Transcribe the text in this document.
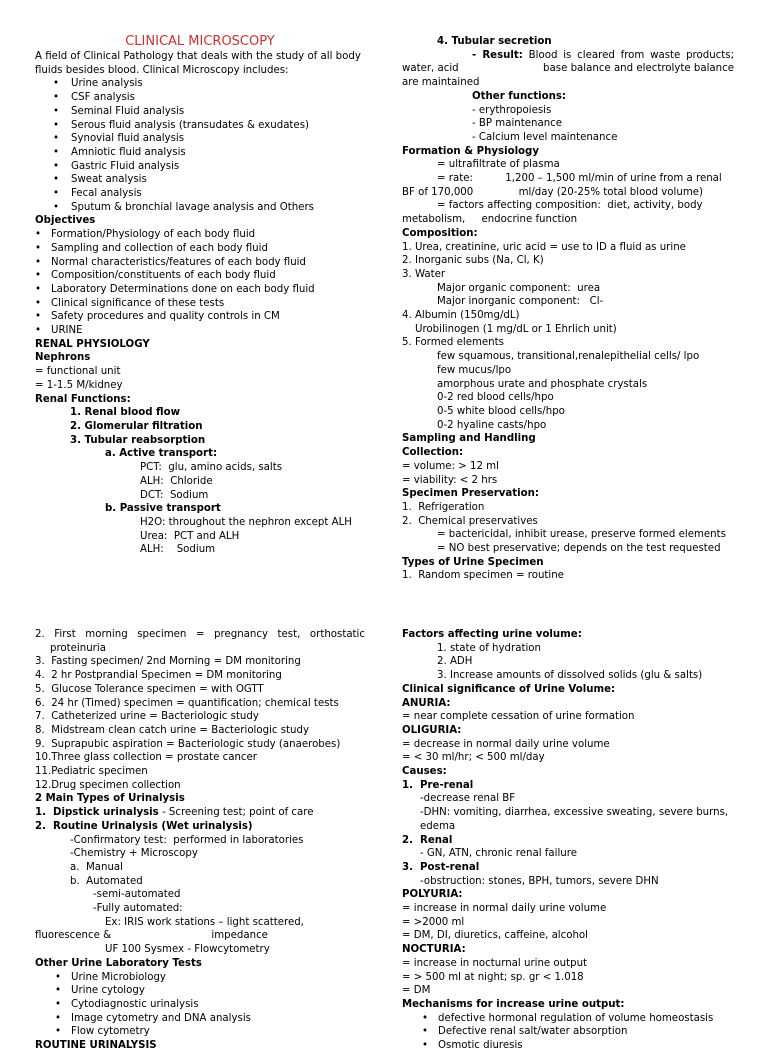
CLINICAL MICROSCOPY
A field of Clinical Pathology that deals with the study of all body fluids besides blood. Clinical Microscopy includes:
• Urine analysis
• CSF analysis
• Seminal Fluid analysis
• Serous fluid analysis (transudates & exudates)
• Synovial fluid analysis
• Amniotic fluid analysis
• Gastric Fluid analysis
• Sweat analysis
• Fecal analysis
• Sputum & bronchial lavage analysis and Others
Objectives
• Formation/Physiology of each body fluid
• Sampling and collection of each body fluid
• Normal characteristics/features of each body fluid
• Composition/constituents of each body fluid
• Laboratory Determinations done on each body fluid
• Clinical significance of these tests
• Safety procedures and quality controls in CM
• URINE
RENAL PHYSIOLOGY
Nephrons
= functional unit
= 1-1.5 M/kidney
Renal Functions:
1. Renal blood flow
2. Glomerular filtration
3. Tubular reabsorption
a. Active transport:
PCT:  glu, amino acids, salts
ALH:  Chloride
DCT:  Sodium
b. Passive transport
H2O: throughout the nephron except ALH
Urea:  PCT and ALH
ALH:    Sodium
4. Tubular secretion
- Result: Blood is cleared from waste products; water, acid                          base balance and electrolyte balance are maintained
Other functions:
- erythropoiesis
- BP maintenance
- Calcium level maintenance
Formation & Physiology
= ultrafiltrate of plasma
= rate:          1,200 – 1,500 ml/min of urine from a renal BF of 170,000              ml/day (20-25% total blood volume)
= factors affecting composition:  diet, activity, body metabolism,     endocrine function
Composition:
1. Urea, creatinine, uric acid = use to ID a fluid as urine
2. Inorganic subs (Na, Cl, K)
3. Water
Major organic component:  urea
Major inorganic component:   Cl-
4. Albumin (150mg/dL)
Urobilinogen (1 mg/dL or 1 Ehrlich unit)
5. Formed elements
few squamous, transitional,renalepithelial cells/ lpo
few mucus/lpo
amorphous urate and phosphate crystals
0-2 red blood cells/hpo
0-5 white blood cells/hpo
0-2 hyaline casts/hpo
Sampling and Handling
Collection:
= volume: > 12 ml
= viability: < 2 hrs
Specimen Preservation:
1.  Refrigeration
2.  Chemical preservatives
= bactericidal, inhibit urease, preserve formed elements
= NO best preservative; depends on the test requested
Types of Urine Specimen
1.  Random specimen = routine
2. First morning specimen = pregnancy test, orthostatic proteinuria
3.  Fasting specimen/ 2nd Morning = DM monitoring
4.  2 hr Postprandial Specimen = DM monitoring
5.  Glucose Tolerance specimen = with OGTT
6.  24 hr (Timed) specimen = quantification; chemical tests
7.  Catheterized urine = Bacteriologic study
8.  Midstream clean catch urine = Bacteriologic study
9.  Suprapubic aspiration = Bacteriologic study (anaerobes)
10.Three glass collection = prostate cancer
11.Pediatric specimen
12.Drug specimen collection
2 Main Types of Urinalysis
1.  Dipstick urinalysis - Screening test; point of care
2.  Routine Urinalysis (Wet urinalysis)
-Confirmatory test:  performed in laboratories
-Chemistry + Microscopy
a.  Manual
b.  Automated
-semi-automated
-Fully automated:
Ex: IRIS work stations – light scattered, fluorescence &                               impedance
UF 100 Sysmex - Flowcytometry
Other Urine Laboratory Tests
• Urine Microbiology
• Urine cytology
• Cytodiagnostic urinalysis
• Image cytometry and DNA analysis
• Flow cytometry
ROUTINE URINALYSIS
Factors affecting urine volume:
1. state of hydration
2. ADH
3. Increase amounts of dissolved solids (glu & salts)
Clinical significance of Urine Volume:
ANURIA:
= near complete cessation of urine formation
OLIGURIA:
= decrease in normal daily urine volume
= < 30 ml/hr; < 500 ml/day
Causes:
1.  Pre-renal
-decrease renal BF
-DHN: vomiting, diarrhea, excessive sweating, severe burns, edema
2.  Renal
- GN, ATN, chronic renal failure
3.  Post-renal
-obstruction: stones, BPH, tumors, severe DHN
POLYURIA:
= increase in normal daily urine volume
= >2000 ml
= DM, DI, diuretics, caffeine, alcohol
NOCTURIA:
= increase in nocturnal urine output
= > 500 ml at night; sp. gr < 1.018
= DM
Mechanisms for increase urine output:
• defective hormonal regulation of volume homeostasis
• Defective renal salt/water absorption
• Osmotic diuresis
